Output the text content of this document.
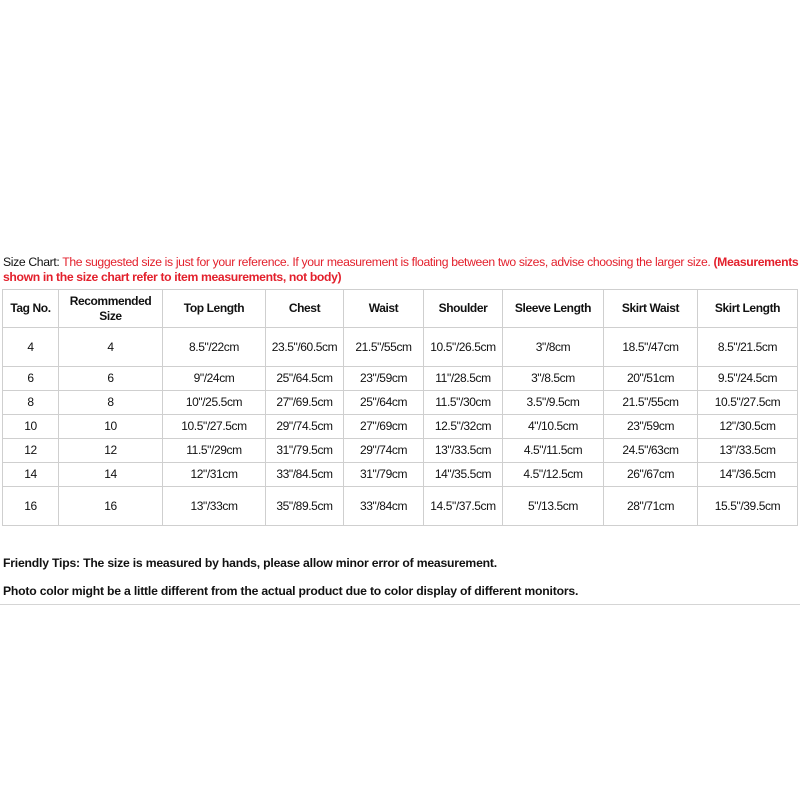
Size Chart: The suggested size is just for your reference. If your measurement is floating between two sizes, advise choosing the larger size. (Measurements shown in the size chart refer to item measurements, not body)
Tag No.	Recommended Size	Top Length	Chest	Waist	Shoulder	Sleeve Length	Skirt Waist	Skirt Length
4	4	8.5"/22cm	23.5"/60.5cm	21.5"/55cm	10.5"/26.5cm	3"/8cm	18.5"/47cm	8.5"/21.5cm
6	6	9"/24cm	25"/64.5cm	23"/59cm	11"/28.5cm	3"/8.5cm	20"/51cm	9.5"/24.5cm
8	8	10"/25.5cm	27"/69.5cm	25"/64cm	11.5"/30cm	3.5"/9.5cm	21.5"/55cm	10.5"/27.5cm
10	10	10.5"/27.5cm	29"/74.5cm	27"/69cm	12.5"/32cm	4"/10.5cm	23"/59cm	12"/30.5cm
12	12	11.5"/29cm	31"/79.5cm	29"/74cm	13"/33.5cm	4.5"/11.5cm	24.5"/63cm	13"/33.5cm
14	14	12"/31cm	33"/84.5cm	31"/79cm	14"/35.5cm	4.5"/12.5cm	26"/67cm	14"/36.5cm
16	16	13"/33cm	35"/89.5cm	33"/84cm	14.5"/37.5cm	5"/13.5cm	28"/71cm	15.5"/39.5cm
Friendly Tips: The size is measured by hands, please allow minor error of measurement.
Photo color might be a little different from the actual product due to color display of different monitors.
